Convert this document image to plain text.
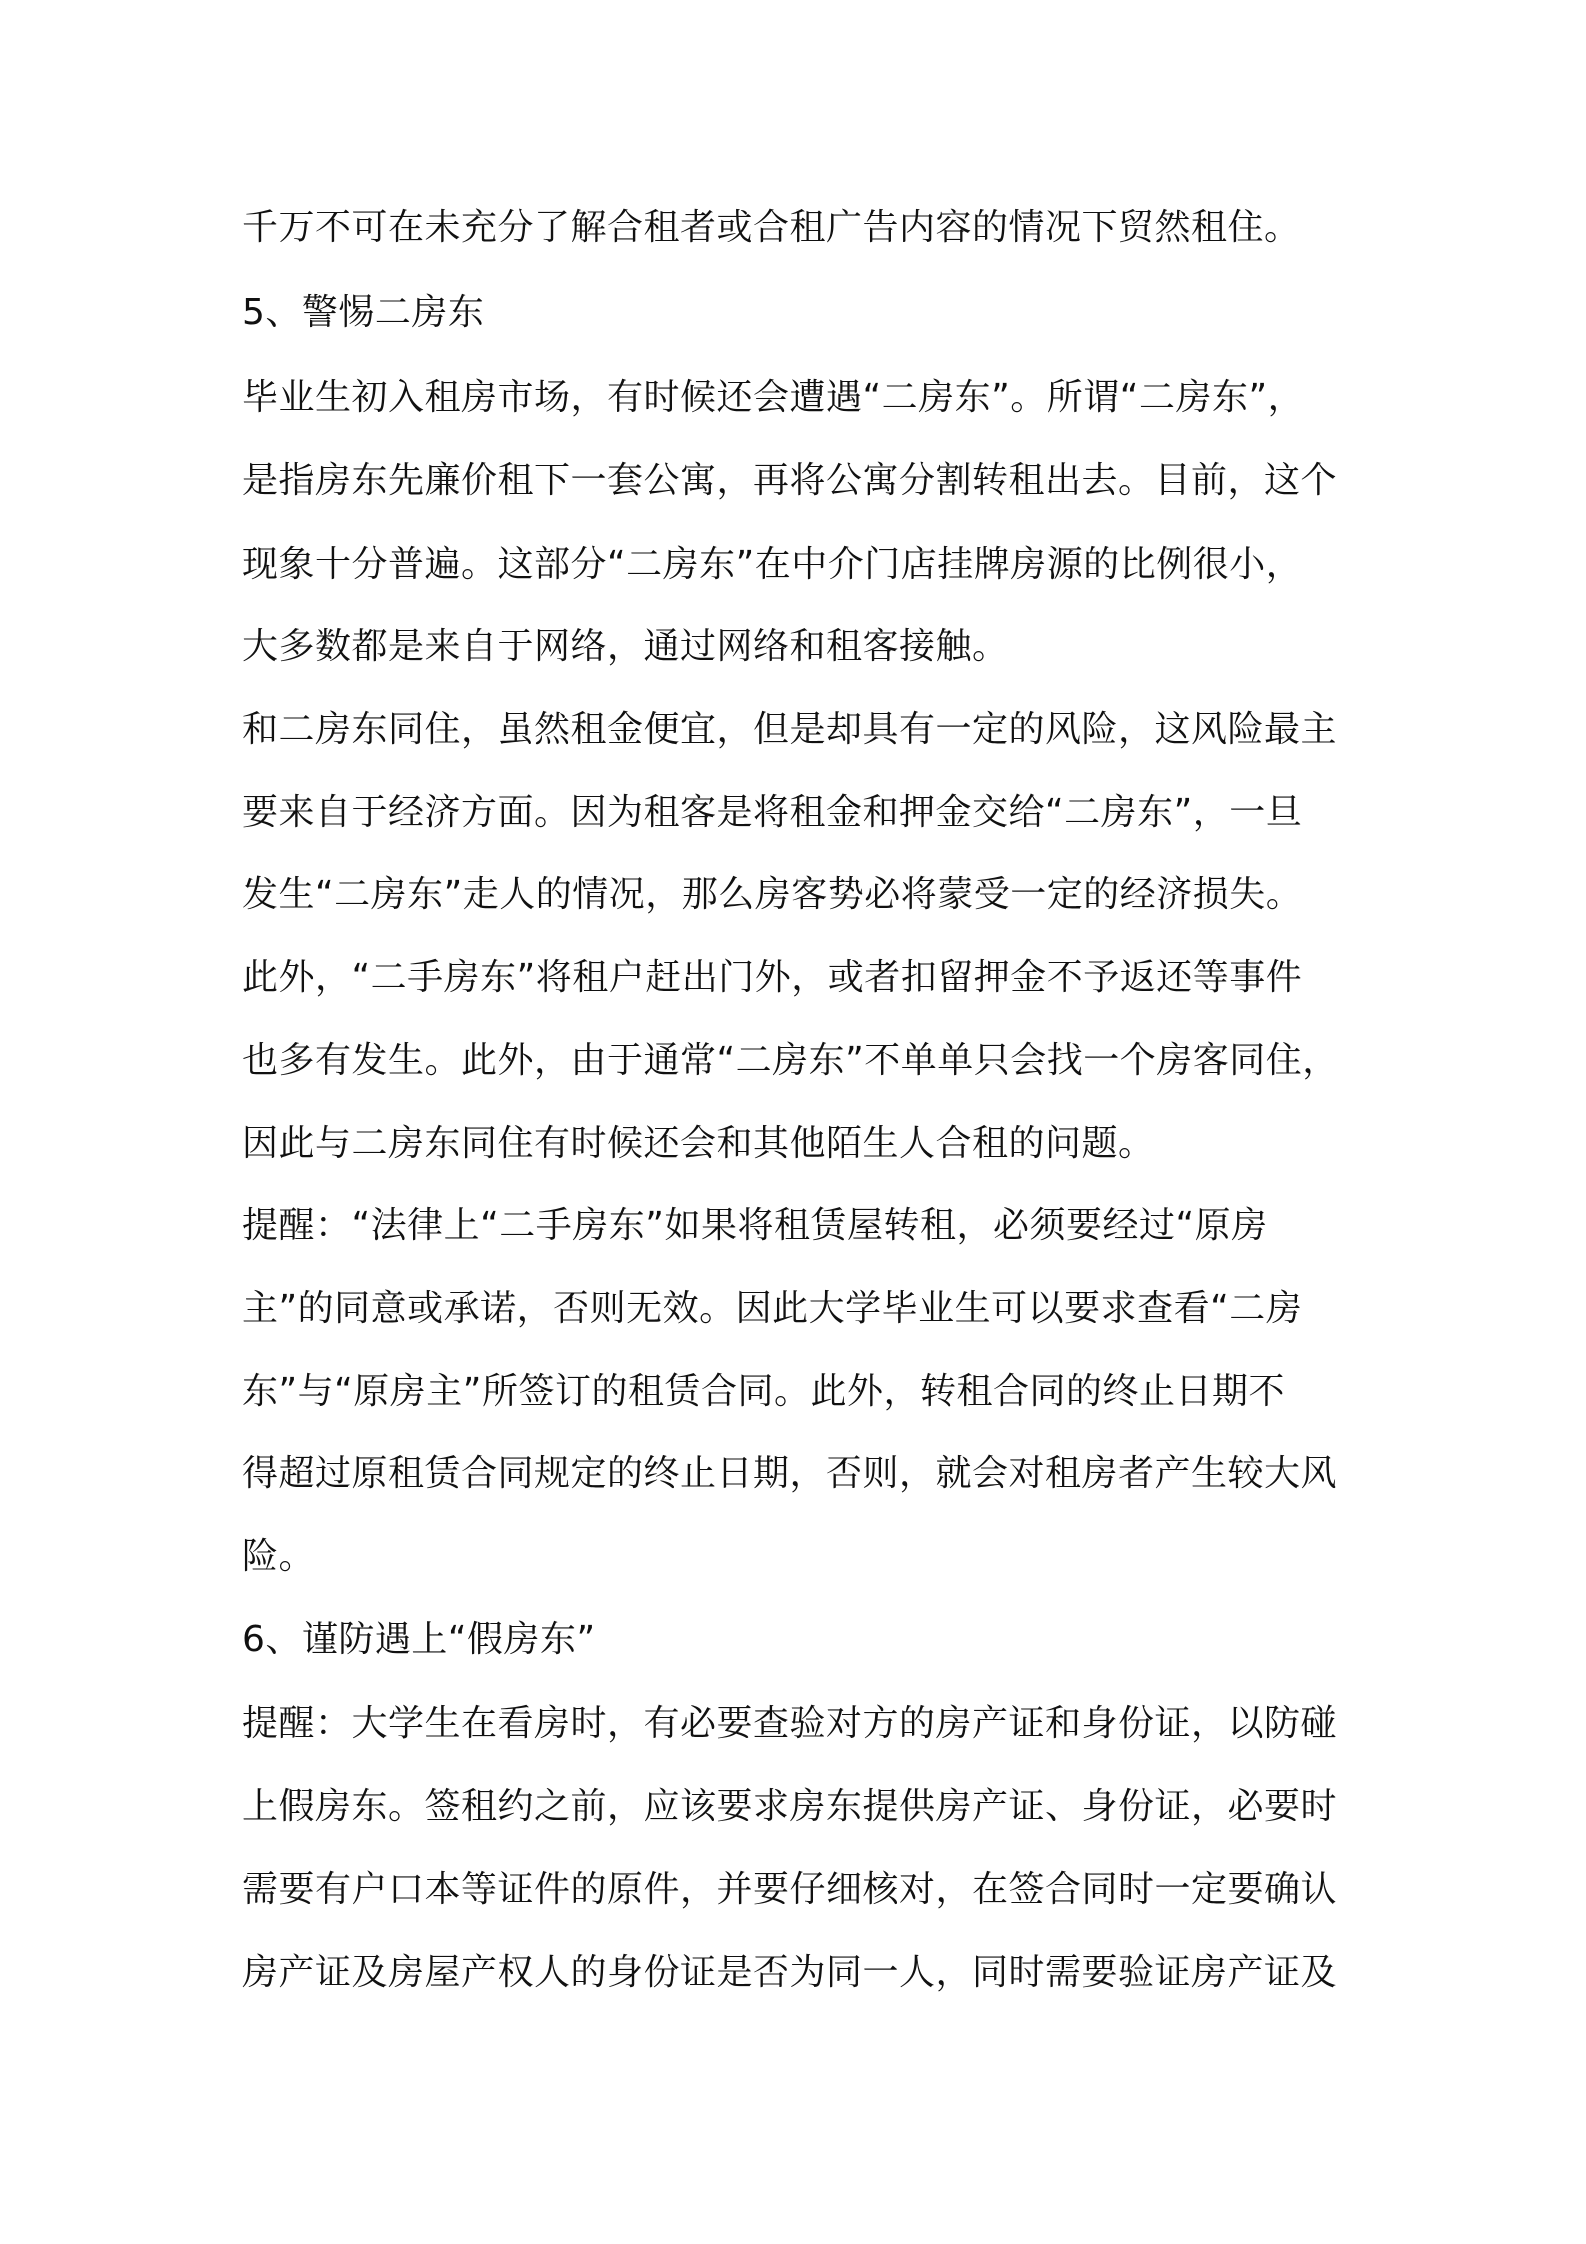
千万不可在未充分了解合租者或合租广告内容的情况下贸然租住。
5、警惕二房东
毕业生初入租房市场，有时候还会遭遇“二房东”。所谓“二房东”，
是指房东先廉价租下一套公寓，再将公寓分割转租出去。目前，这个
现象十分普遍。这部分“二房东”在中介门店挂牌房源的比例很小，
大多数都是来自于网络，通过网络和租客接触。
和二房东同住，虽然租金便宜，但是却具有一定的风险，这风险最主
要来自于经济方面。因为租客是将租金和押金交给“二房东”，一旦
发生“二房东”走人的情况，那么房客势必将蒙受一定的经济损失。
此外，“二手房东”将租户赶出门外，或者扣留押金不予返还等事件
也多有发生。此外，由于通常“二房东”不单单只会找一个房客同住，
因此与二房东同住有时候还会和其他陌生人合租的问题。
提醒：“法律上“二手房东”如果将租赁屋转租，必须要经过“原房
主”的同意或承诺，否则无效。因此大学毕业生可以要求查看“二房
东”与“原房主”所签订的租赁合同。此外，转租合同的终止日期不
得超过原租赁合同规定的终止日期，否则，就会对租房者产生较大风
险。
6、谨防遇上“假房东”
提醒：大学生在看房时，有必要查验对方的房产证和身份证，以防碰
上假房东。签租约之前，应该要求房东提供房产证、身份证，必要时
需要有户口本等证件的原件，并要仔细核对，在签合同时一定要确认
房产证及房屋产权人的身份证是否为同一人，同时需要验证房产证及
